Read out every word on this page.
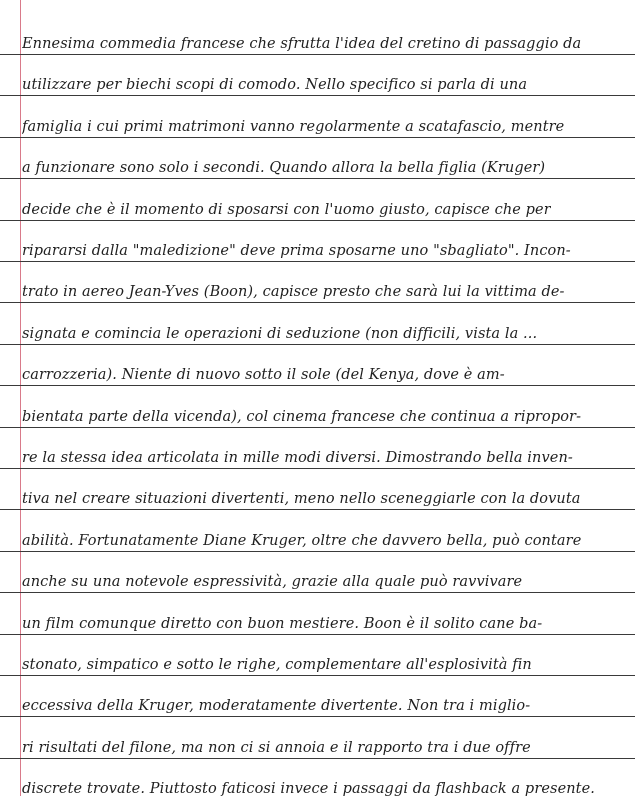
Ennesima commedia francese che sfrutta l'idea del cretino di passaggio da
utilizzare per biechi scopi di comodo. Nello specifico si parla di una
famiglia i cui primi matrimoni vanno regolarmente a scatafascio, mentre
a funzionare sono solo i secondi. Quando allora la bella figlia (Kruger)
decide che è il momento di sposarsi con l'uomo giusto, capisce che per
ripararsi dalla "maledizione" deve prima sposarne uno "sbagliato". Incon-
trato in aereo Jean-Yves (Boon), capisce presto che sarà lui la vittima de-
signata e comincia le operazioni di seduzione (non difficili, vista la ...
carrozzeria). Niente di nuovo sotto il sole (del Kenya, dove è am-
bientata parte della vicenda), col cinema francese che continua a ripropor-
re la stessa idea articolata in mille modi diversi. Dimostrando bella inven-
tiva nel creare situazioni divertenti, meno nello sceneggiarle con la dovuta
abilità. Fortunatamente Diane Kruger, oltre che davvero bella, può contare
anche su una notevole espressività, grazie alla quale può ravvivare
un film comunque diretto con buon mestiere. Boon è il solito cane ba-
stonato, simpatico e sotto le righe, complementare all'esplosività fin
eccessiva della Kruger, moderatamente divertente. Non tra i miglio-
ri risultati del filone, ma non ci si annoia e il rapporto tra i due offre
discrete trovate. Piuttosto faticosi invece i passaggi da flashback a presente.
